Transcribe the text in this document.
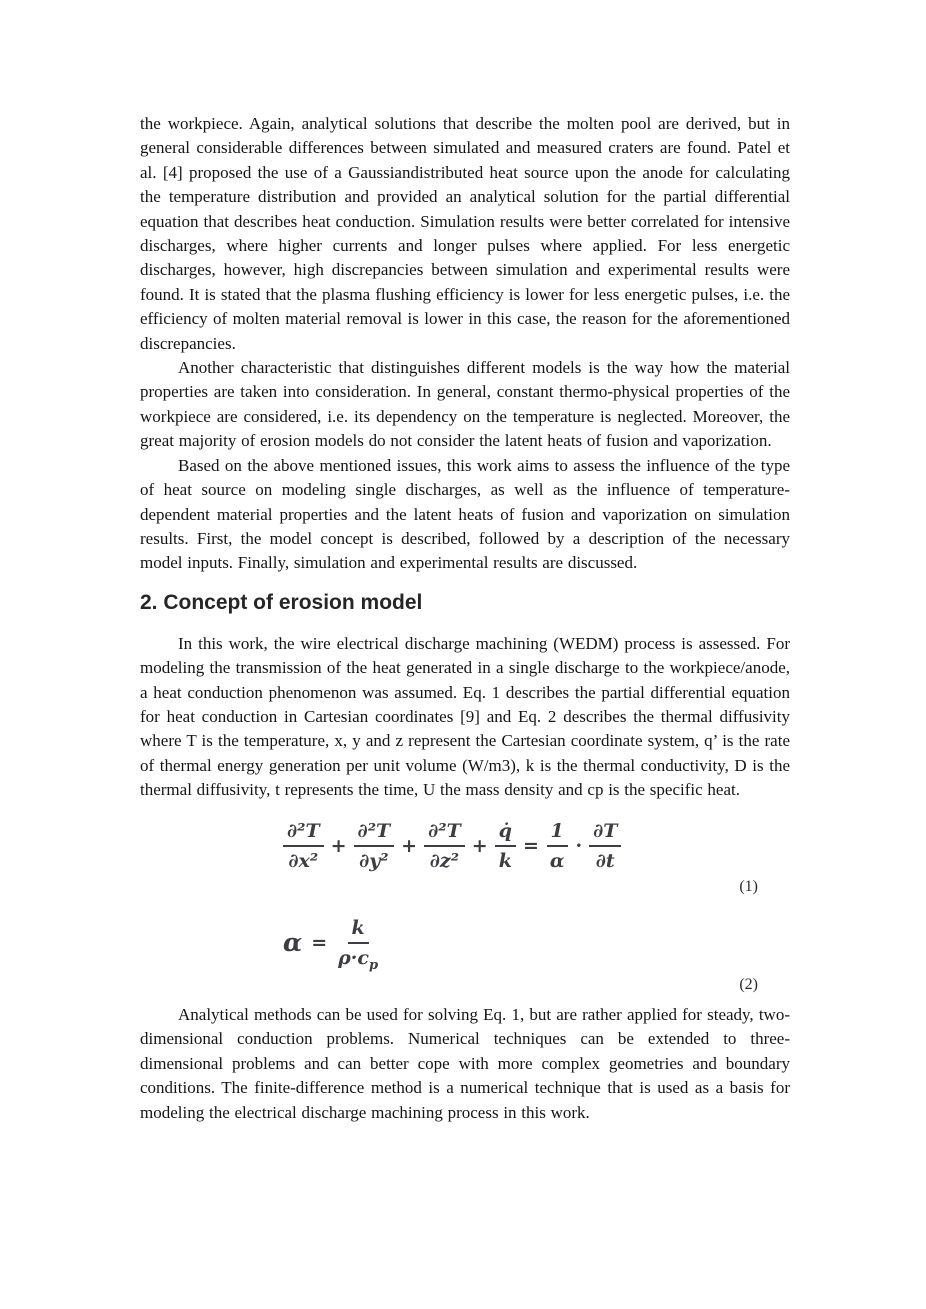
the workpiece. Again, analytical solutions that describe the molten pool are derived, but in general considerable differences between simulated and measured craters are found. Patel et al. [4] proposed the use of a Gaussiandistributed heat source upon the anode for calculating the temperature distribution and provided an analytical solution for the partial differential equation that describes heat conduction. Simulation results were better correlated for intensive discharges, where higher currents and longer pulses where applied. For less energetic discharges, however, high discrepancies between simulation and experimental results were found. It is stated that the plasma flushing efficiency is lower for less energetic pulses, i.e. the efficiency of molten material removal is lower in this case, the reason for the aforementioned discrepancies.

Another characteristic that distinguishes different models is the way how the material properties are taken into consideration. In general, constant thermo-physical properties of the workpiece are considered, i.e. its dependency on the temperature is neglected. Moreover, the great majority of erosion models do not consider the latent heats of fusion and vaporization.

Based on the above mentioned issues, this work aims to assess the influence of the type of heat source on modeling single discharges, as well as the influence of temperature-dependent material properties and the latent heats of fusion and vaporization on simulation results. First, the model concept is described, followed by a description of the necessary model inputs. Finally, simulation and experimental results are discussed.

2. Concept of erosion model

In this work, the wire electrical discharge machining (WEDM) process is assessed. For modeling the transmission of the heat generated in a single discharge to the workpiece/anode, a heat conduction phenomenon was assumed. Eq. 1 describes the partial differential equation for heat conduction in Cartesian coordinates [9] and Eq. 2 describes the thermal diffusivity where T is the temperature, x, y and z represent the Cartesian coordinate system, q’ is the rate of thermal energy generation per unit volume (W/m3), k is the thermal conductivity, D is the thermal diffusivity, t represents the time, U the mass density and cp is the specific heat.

$\frac{\text{∂²T}}{\text{∂x²}} + \frac{\text{∂²T}}{\text{∂y²}} + \frac{\text{∂²T}}{\text{∂z²}} + \frac{q̇}{k} = \frac{1}{\alpha} \cdot \frac{\partial T}{\partial t}$

(1)

$\alpha = \frac{k}{\rho\cdot c_p}$

(2)

Analytical methods can be used for solving Eq. 1, but are rather applied for steady, two-dimensional conduction problems. Numerical techniques can be extended to three-dimensional problems and can better cope with more complex geometries and boundary conditions. The finite-difference method is a numerical technique that is used as a basis for modeling the electrical discharge machining process in this work.
